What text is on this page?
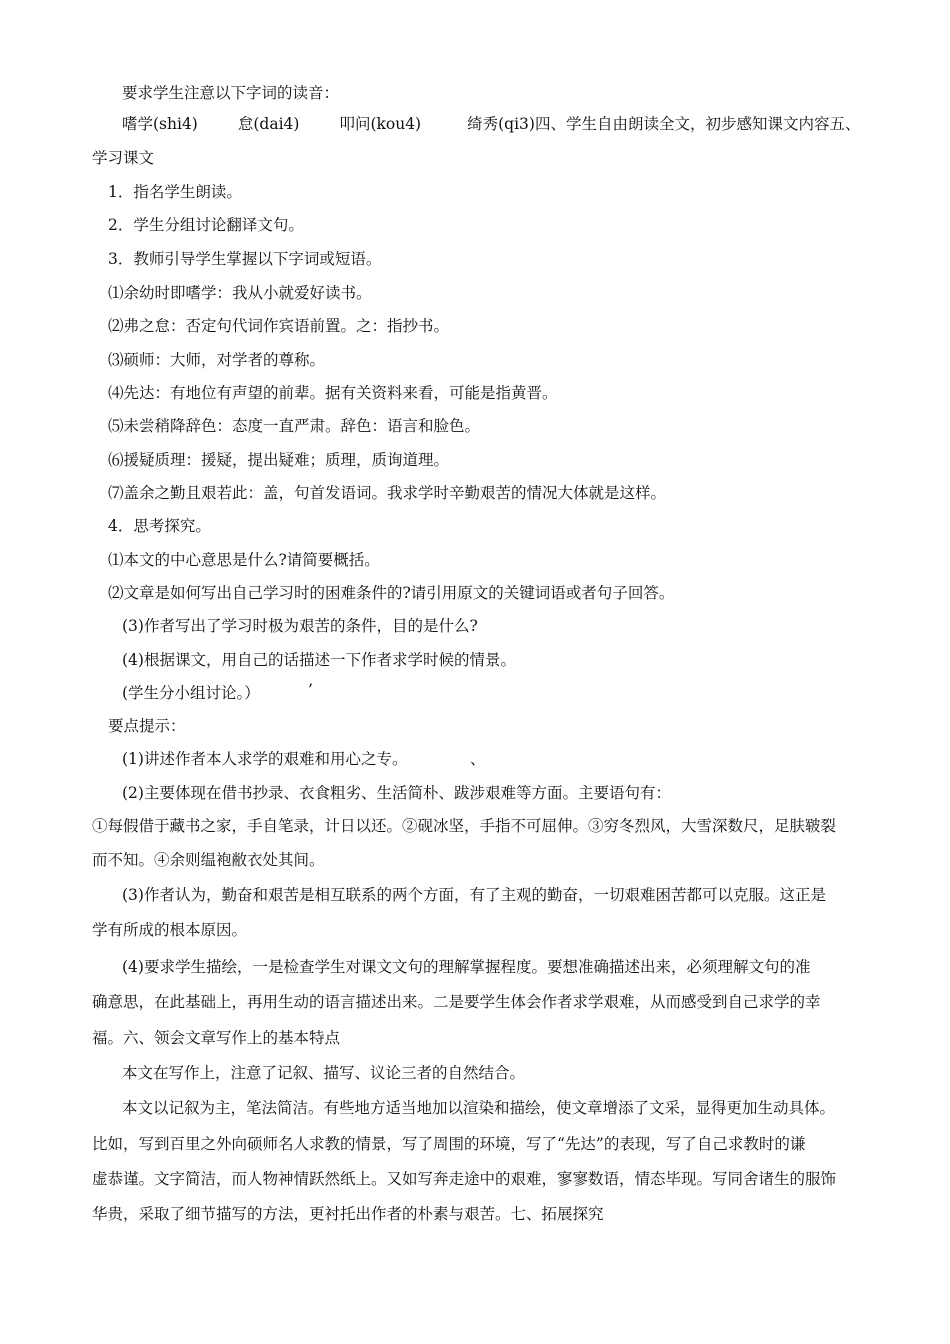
要求学生注意以下字词的读音：
嗜学(shi4)	怠(dai4)	叩问(kou4)	绮秀(qi3)四、学生自由朗读全文，初步感知课文内容五、
学习课文
1．指名学生朗读。
2．学生分组讨论翻译文句。
3．教师引导学生掌握以下字词或短语。
⑴余幼时即嗜学：我从小就爱好读书。
⑵弗之怠：否定句代词作宾语前置。之：指抄书。
⑶硕师：大师，对学者的尊称。
⑷先达：有地位有声望的前辈。据有关资料来看，可能是指黄晋。
⑸未尝稍降辞色：态度一直严肃。辞色：语言和脸色。
⑹援疑质理：援疑，提出疑难；质理，质询道理。
⑺盖余之勤且艰若此：盖，句首发语词。我求学时辛勤艰苦的情况大体就是这样。
4．思考探究。
⑴本文的中心意思是什么?请简要概括。
⑵文章是如何写出自己学习时的困难条件的?请引用原文的关键词语或者句子回答。
(3)作者写出了学习时极为艰苦的条件，目的是什么?
(4)根据课文，用自己的话描述一下作者求学时候的情景。
(学生分小组讨论。）	’
要点提示：
(1)讲述作者本人求学的艰难和用心之专。	、
(2)主要体现在借书抄录、衣食粗劣、生活简朴、跋涉艰难等方面。主要语句有：
①每假借于藏书之家，手自笔录，计日以还。②砚冰坚，手指不可屈伸。③穷冬烈风，大雪深数尺，足肤皲裂
而不知。④余则缊袍敝衣处其间。
(3)作者认为，勤奋和艰苦是相互联系的两个方面，有了主观的勤奋，一切艰难困苦都可以克服。这正是
学有所成的根本原因。
(4)要求学生描绘，一是检查学生对课文文句的理解掌握程度。要想准确描述出来，必须理解文句的准
确意思，在此基础上，再用生动的语言描述出来。二是要学生体会作者求学艰难，从而感受到自己求学的幸
福。六、领会文章写作上的基本特点
本文在写作上，注意了记叙、描写、议论三者的自然结合。
本文以记叙为主，笔法简洁。有些地方适当地加以渲染和描绘，使文章增添了文采，显得更加生动具体。
比如，写到百里之外向硕师名人求教的情景，写了周围的环境，写了“先达”的表现，写了自己求教时的谦
虚恭谨。文字简洁，而人物神情跃然纸上。又如写奔走途中的艰难，寥寥数语，情态毕现。写同舍诸生的服饰
华贵，采取了细节描写的方法，更衬托出作者的朴素与艰苦。七、拓展探究
